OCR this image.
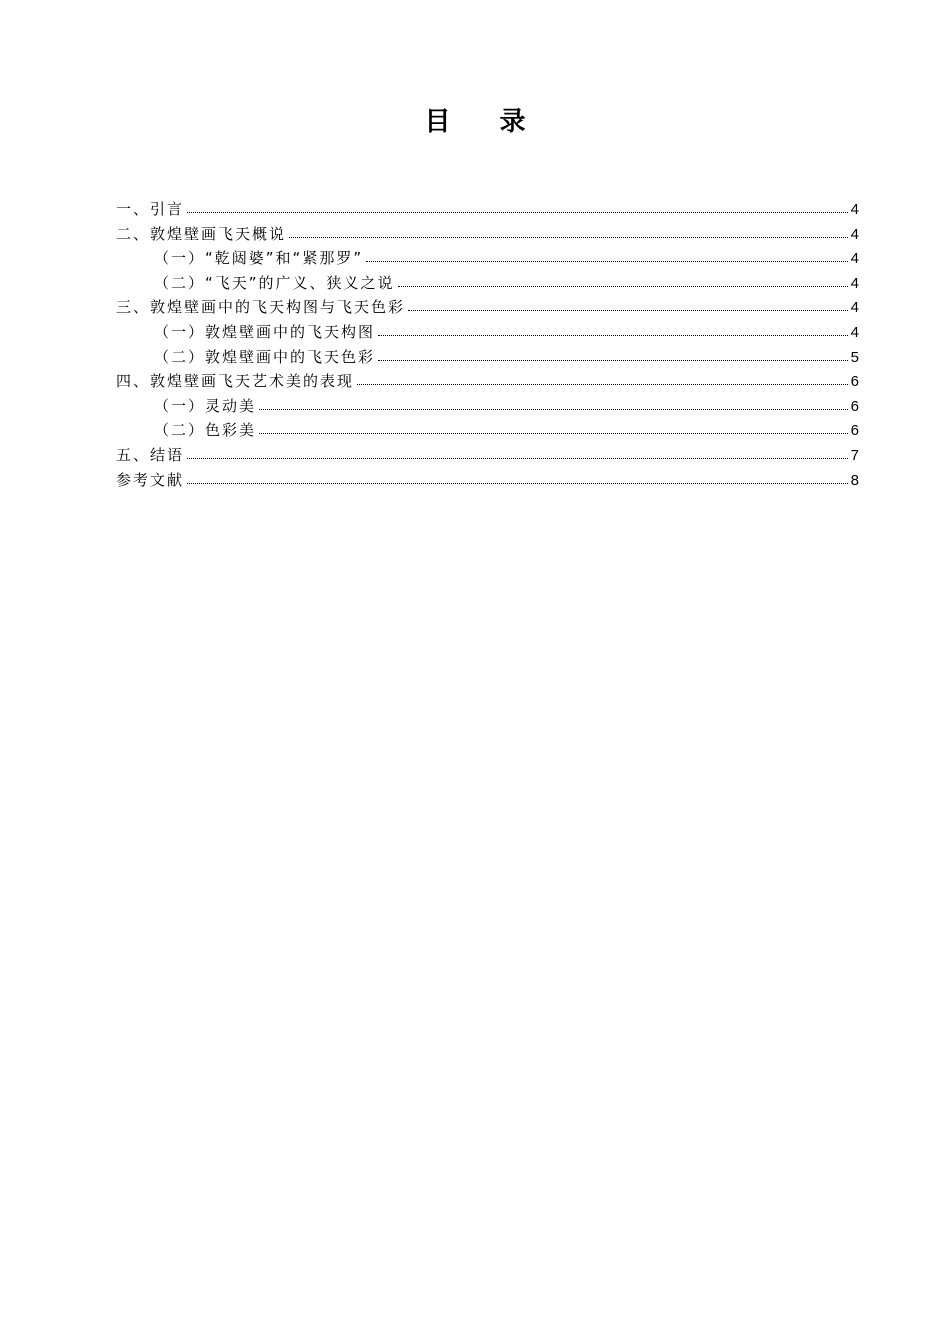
目 录
一、引言	4
二、敦煌壁画飞天概说	4
（一）“乾闼婆”和“紧那罗”	4
（二）“飞天”的广义、狭义之说	4
三、敦煌壁画中的飞天构图与飞天色彩	4
（一）敦煌壁画中的飞天构图	4
（二）敦煌壁画中的飞天色彩	5
四、敦煌壁画飞天艺术美的表现	6
（一）灵动美	6
（二）色彩美	6
五、结语	7
参考文献	8
